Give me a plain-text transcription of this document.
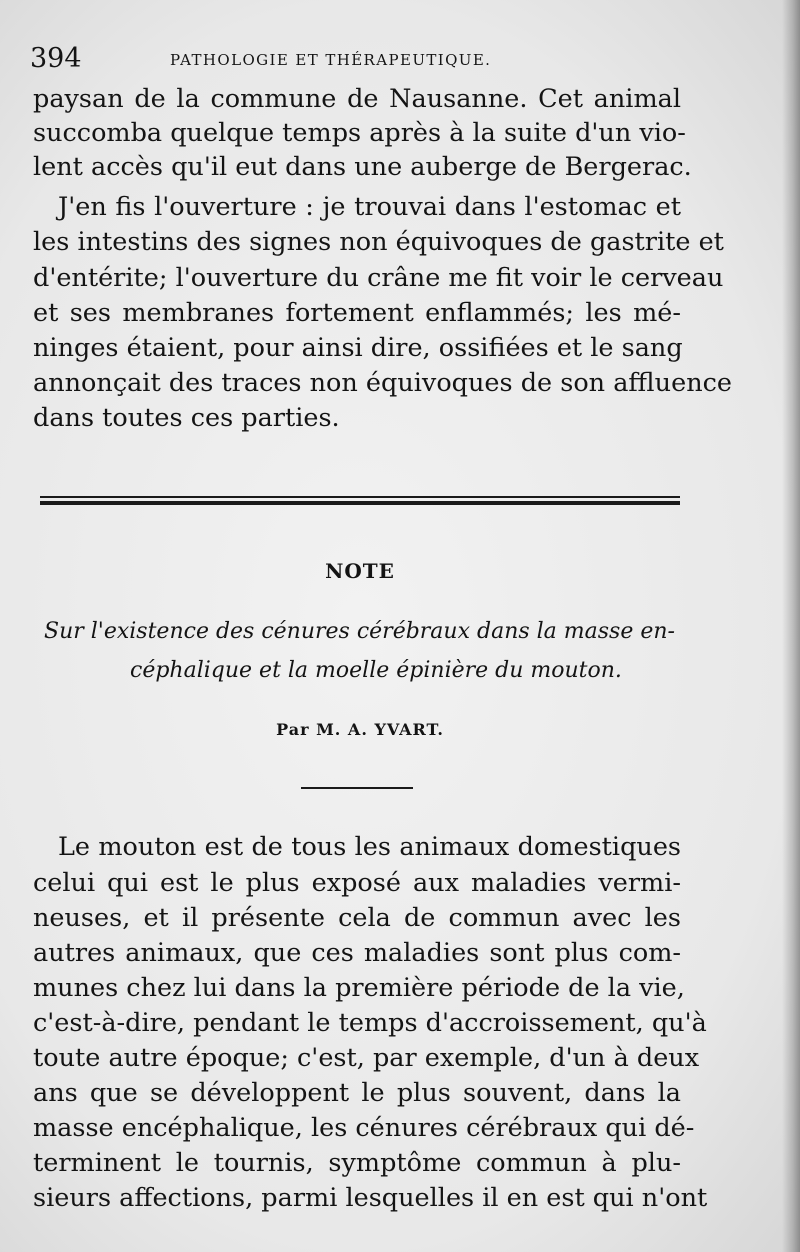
394	PATHOLOGIE ET THÉRAPEUTIQUE.
paysan de la commune de Nausanne. Cet animal
succomba quelque temps après à la suite d'un vio-
lent accès qu'il eut dans une auberge de Bergerac.
J'en fis l'ouverture : je trouvai dans l'estomac et
les intestins des signes non équivoques de gastrite et
d'entérite; l'ouverture du crâne me fit voir le cerveau
et ses membranes fortement enflammés; les mé-
ninges étaient, pour ainsi dire, ossifiées et le sang
annonçait des traces non équivoques de son affluence
dans toutes ces parties.
NOTE
Sur l'existence des cénures cérébraux dans la masse en-
céphalique et la moelle épinière du mouton.
Par M. A. YVART.
Le mouton est de tous les animaux domestiques
celui qui est le plus exposé aux maladies vermi-
neuses, et il présente cela de commun avec les
autres animaux, que ces maladies sont plus com-
munes chez lui dans la première période de la vie,
c'est-à-dire, pendant le temps d'accroissement, qu'à
toute autre époque; c'est, par exemple, d'un à deux
ans que se développent le plus souvent, dans la
masse encéphalique, les cénures cérébraux qui dé-
terminent le tournis, symptôme commun à plu-
sieurs affections, parmi lesquelles il en est qui n'ont
